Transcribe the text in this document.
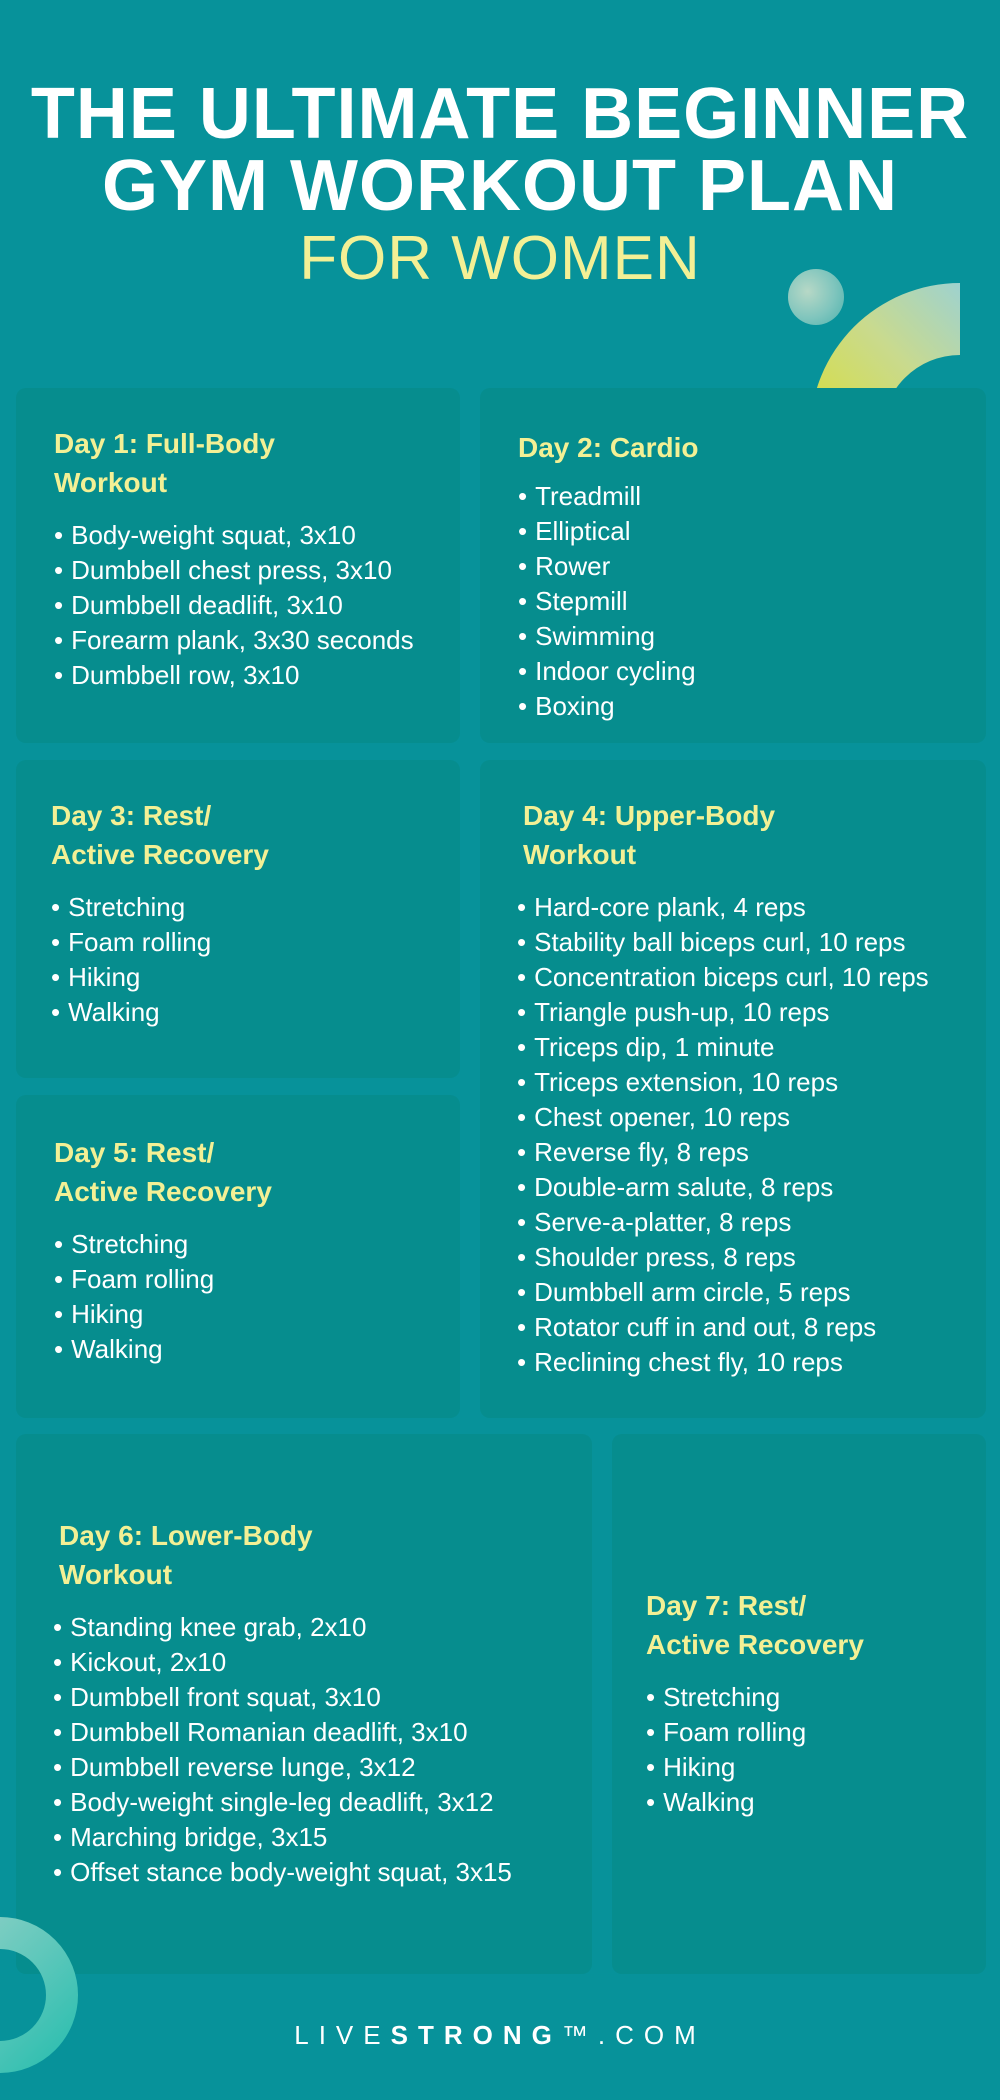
THE ULTIMATE BEGINNER
GYM WORKOUT PLAN
FOR WOMEN
Day 1: Full-Body
Workout
• Body-weight squat, 3x10
• Dumbbell chest press, 3x10
• Dumbbell deadlift, 3x10
• Forearm plank, 3x30 seconds
• Dumbbell row, 3x10
Day 2: Cardio
• Treadmill
• Elliptical
• Rower
• Stepmill
• Swimming
• Indoor cycling
• Boxing
Day 3: Rest/
Active Recovery
• Stretching
• Foam rolling
• Hiking
• Walking
Day 4: Upper-Body
Workout
• Hard-core plank, 4 reps
• Stability ball biceps curl, 10 reps
• Concentration biceps curl, 10 reps
• Triangle push-up, 10 reps
• Triceps dip, 1 minute
• Triceps extension, 10 reps
• Chest opener, 10 reps
• Reverse fly, 8 reps
• Double-arm salute, 8 reps
• Serve-a-platter, 8 reps
• Shoulder press, 8 reps
• Dumbbell arm circle, 5 reps
• Rotator cuff in and out, 8 reps
• Reclining chest fly, 10 reps
Day 5: Rest/
Active Recovery
• Stretching
• Foam rolling
• Hiking
• Walking
Day 6: Lower-Body
Workout
• Standing knee grab, 2x10
• Kickout, 2x10
• Dumbbell front squat, 3x10
• Dumbbell Romanian deadlift, 3x10
• Dumbbell reverse lunge, 3x12
• Body-weight single-leg deadlift, 3x12
• Marching bridge, 3x15
• Offset stance body-weight squat, 3x15
Day 7: Rest/
Active Recovery
• Stretching
• Foam rolling
• Hiking
• Walking
LIVESTRONG™.COM
